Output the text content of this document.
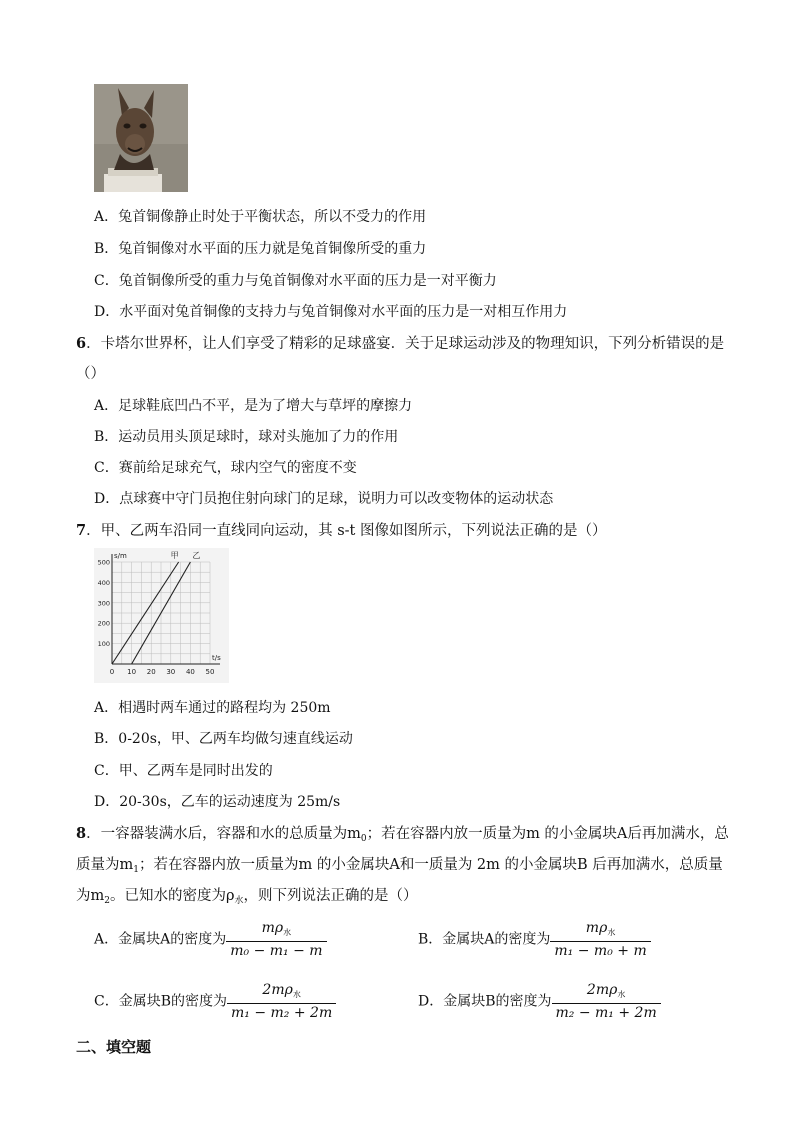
A．兔首铜像静止时处于平衡状态，所以不受力的作用
B．兔首铜像对水平面的压力就是兔首铜像所受的重力
C．兔首铜像所受的重力与兔首铜像对水平面的压力是一对平衡力
D．水平面对兔首铜像的支持力与兔首铜像对水平面的压力是一对相互作用力
6．卡塔尔世界杯，让人们享受了精彩的足球盛宴．关于足球运动涉及的物理知识，下列分析错误的是
（）
A．足球鞋底凹凸不平，是为了增大与草坪的摩擦力
B．运动员用头顶足球时，球对头施加了力的作用
C．赛前给足球充气，球内空气的密度不变
D．点球赛中守门员抱住射向球门的足球，说明力可以改变物体的运动状态
7．甲、乙两车沿同一直线同向运动，其 s-t 图像如图所示，下列说法正确的是（）
0 10 20 30 40 50
100
200
300
400
500
t/s
s/m	甲 乙
A．相遇时两车通过的路程均为 250m
B．0-20s，甲、乙两车均做匀速直线运动
C．甲、乙两车是同时出发的
D．20-30s，乙车的运动速度为 25m/s
8．一容器装满水后，容器和水的总质量为$m_0$；若在容器内放一质量为m 的小金属块A后再加满水，总
质量为$m_1$；若在容器内放一质量为m 的小金属块A和一质量为 2m 的小金属块B 后再加满水，总质量
为$m_2$。已知水的密度为$\rho_水$，则下列说法正确的是（）
A．金属块A的密度为 $\frac{m\rho_水}{\text{m₀ − m₁ − m}}$	B．金属块A的密度为 $\frac{m\rho_水}{\text{m₁ − m₀ + m}}$
C．金属块B的密度为 $\frac{2m\rho_水}{\text{m₁ − m₂ + 2m}}$	D．金属块B的密度为 $\frac{2m\rho_水}{\text{m₂ − m₁ + 2m}}$
二、填空题
